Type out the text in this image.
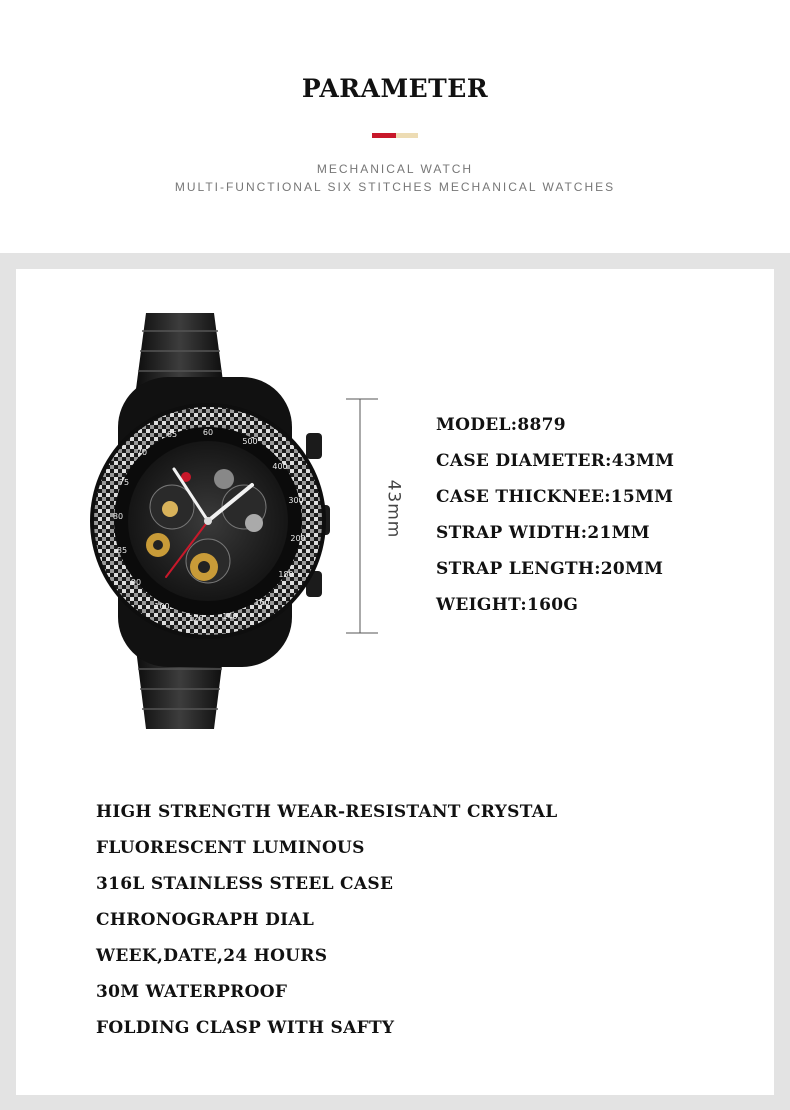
PARAMETER
MECHANICAL WATCH
MULTI-FUNCTIONAL SIX STITCHES MECHANICAL WATCHES
60
500
400
300
200
180
160
140
120
100
90
85
80
75
70
65
43mm
MODEL:8879
CASE DIAMETER:43MM
CASE THICKNEE:15MM
STRAP WIDTH:21MM
STRAP LENGTH:20MM
WEIGHT:160G
HIGH STRENGTH WEAR-RESISTANT CRYSTAL
FLUORESCENT LUMINOUS
316L STAINLESS STEEL CASE
CHRONOGRAPH DIAL
WEEK,DATE,24 HOURS
30M WATERPROOF
FOLDING CLASP WITH SAFTY
